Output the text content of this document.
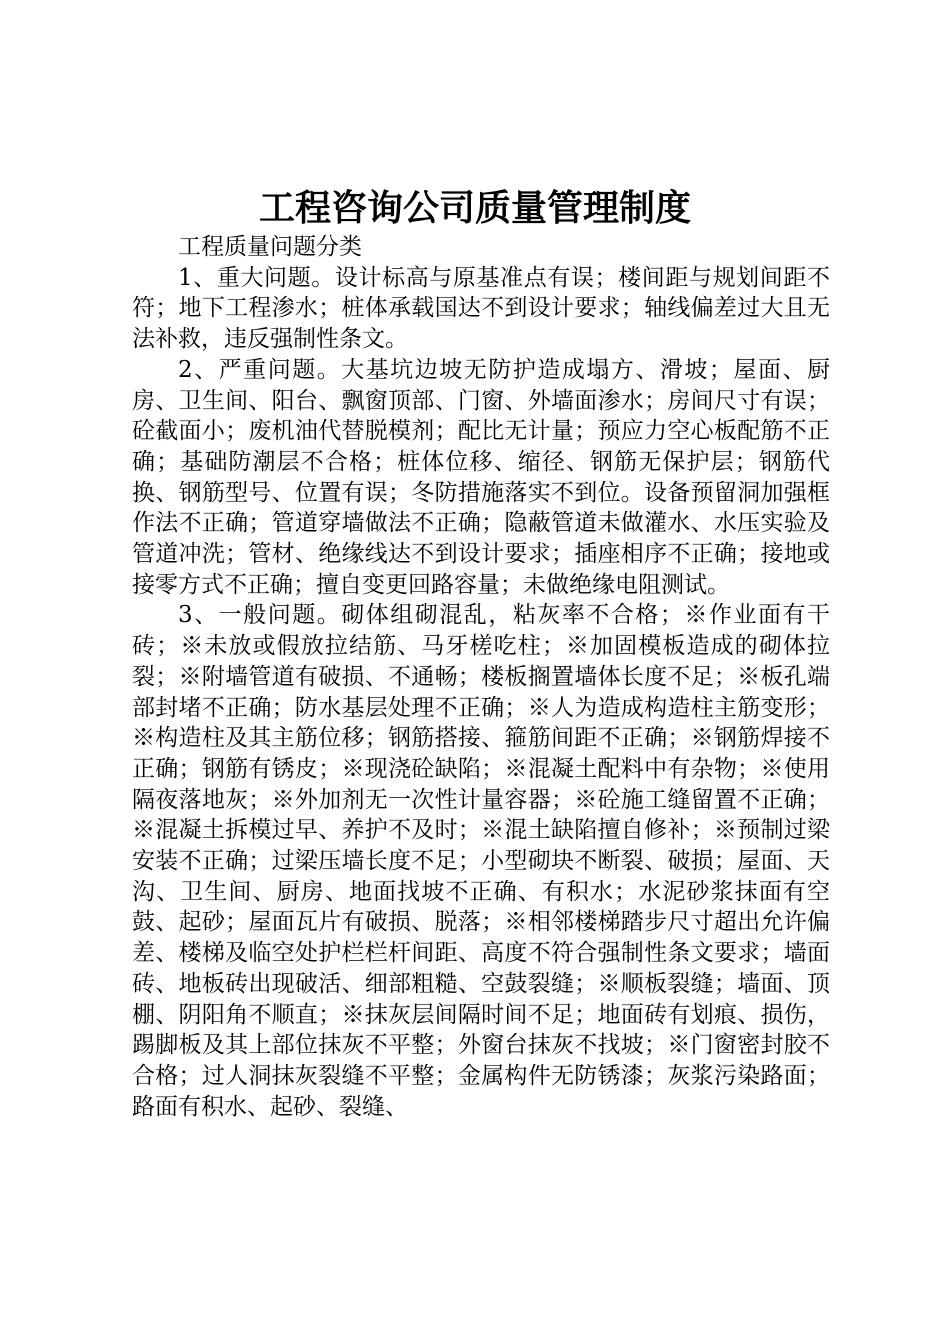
工程咨询公司质量管理制度

工程质量问题分类

1、重大问题。设计标高与原基准点有误；楼间距与规划间距不符；地下工程渗水；桩体承载国达不到设计要求；轴线偏差过大且无法补救，违反强制性条文。

2、严重问题。大基坑边坡无防护造成塌方、滑坡；屋面、厨房、卫生间、阳台、飘窗顶部、门窗、外墙面渗水；房间尺寸有误；砼截面小；废机油代替脱模剂；配比无计量；预应力空心板配筋不正确；基础防潮层不合格；桩体位移、缩径、钢筋无保护层；钢筋代换、钢筋型号、位置有误；冬防措施落实不到位。设备预留洞加强框作法不正确；管道穿墙做法不正确；隐蔽管道未做灌水、水压实验及管道冲洗；管材、绝缘线达不到设计要求；插座相序不正确；接地或接零方式不正确；擅自变更回路容量；未做绝缘电阻测试。

3、一般问题。砌体组砌混乱，粘灰率不合格；※作业面有干砖；※未放或假放拉结筋、马牙槎吃柱；※加固模板造成的砌体拉裂；※附墙管道有破损、不通畅；楼板搁置墙体长度不足；※板孔端部封堵不正确；防水基层处理不正确；※人为造成构造柱主筋变形；※构造柱及其主筋位移；钢筋搭接、箍筋间距不正确；※钢筋焊接不正确；钢筋有锈皮；※现浇砼缺陷；※混凝土配料中有杂物；※使用隔夜落地灰；※外加剂无一次性计量容器；※砼施工缝留置不正确；※混凝土拆模过早、养护不及时；※混土缺陷擅自修补；※预制过梁安装不正确；过梁压墙长度不足；小型砌块不断裂、破损；屋面、天沟、卫生间、厨房、地面找坡不正确、有积水；水泥砂浆抹面有空鼓、起砂；屋面瓦片有破损、脱落；※相邻楼梯踏步尺寸超出允许偏差、楼梯及临空处护栏栏杆间距、高度不符合强制性条文要求；墙面砖、地板砖出现破活、细部粗糙、空鼓裂缝；※顺板裂缝；墙面、顶棚、阴阳角不顺直；※抹灰层间隔时间不足；地面砖有划痕、损伤，踢脚板及其上部位抹灰不平整；外窗台抹灰不找坡；※门窗密封胶不合格；过人洞抹灰裂缝不平整；金属构件无防锈漆；灰浆污染路面；路面有积水、起砂、裂缝、
